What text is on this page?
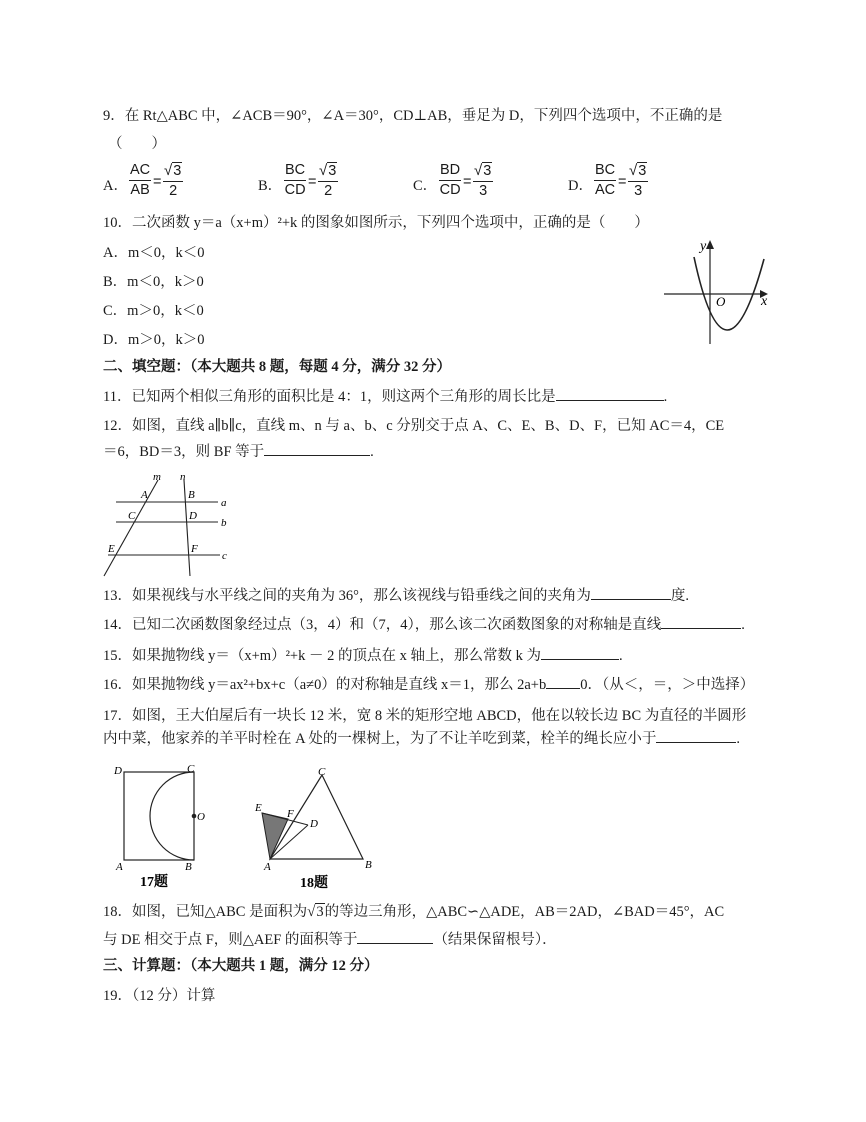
9．在 Rt△ABC 中，∠ACB＝90°，∠A＝30°，CD⊥AB，垂足为 D，下列四个选项中，不正确的是
（　　）
A． $\frac{AC}{AB} = \frac{√3}{2}$	B． $\frac{BC}{CD} = \frac{√3}{2}$	C． $\frac{BD}{CD} = \frac{√3}{3}$	D． $\frac{BC}{AC} = \frac{√3}{3}$
10．二次函数 y＝a（x+m）²+k 的图象如图所示，下列四个选项中，正确的是（　　）
A．m＜0，k＜0
B．m＜0，k＞0
C．m＞0，k＜0
D．m＞0，k＞0
y
x
O
二、填空题：（本大题共 8 题，每题 4 分，满分 32 分）
11．已知两个相似三角形的面积比是 4：1，则这两个三角形的周长比是	.
12．如图，直线 a∥b∥c，直线 m、n 与 a、b、c 分别交于点 A、C、E、B、D、F，已知 AC＝4，CE
＝6，BD＝3，则 BF 等于	.
m n
a
b
c
A	B
C	D
E	F
13．如果视线与水平线之间的夹角为 36°，那么该视线与铅垂线之间的夹角为	度.
14．已知二次函数图象经过点（3，4）和（7，4），那么该二次函数图象的对称轴是直线	.
15．如果抛物线 y＝（x+m）²+k － 2 的顶点在 x 轴上，那么常数 k 为	.
16．如果抛物线 y＝ax²+bx+c（a≠0）的对称轴是直线 x＝1，那么 2a+b 0．（从＜，＝，＞中选择）
17．如图，王大伯屋后有一块长 12 米，宽 8 米的矩形空地 ABCD，他在以较长边 BC 为直径的半圆形
内中菜，他家养的羊平时栓在 A 处的一棵树上，为了不让羊吃到菜，栓羊的绳长应小于	.
D	C
O
A	B
17题
C
E F
D
A	B
18题
18．如图，已知△ABC 是面积为√3的等边三角形，△ABC∽△ADE，AB＝2AD，∠BAD＝45°，AC
与 DE 相交于点 F，则△AEF 的面积等于	（结果保留根号）．
三、计算题：（本大题共 1 题，满分 12 分）
19．（12 分）计算
